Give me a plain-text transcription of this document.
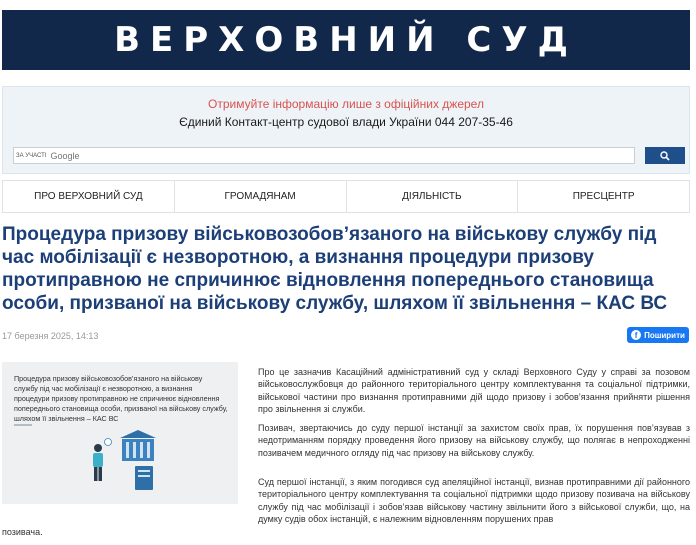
ВЕРХОВНИЙ СУД
Отримуйте інформацію лише з офіційних джерел
Єдиний Контакт-центр судової влади України 044 207-35-46
ЗА УЧАСТІ
Google
ПРО ВЕРХОВНИЙ СУД	ГРОМАДЯНАМ	ДІЯЛЬНІСТЬ	ПРЕСЦЕНТР
Процедура призову військовозобов’язаного на військову службу під час мобілізації є незворотною, а визнання процедури призову протиправною не спричинює відновлення попереднього становища особи, призваної на військову службу, шляхом її звільнення – КАС ВС
17 березня 2025, 14:13	f Поширити
Процедура призову військовозобов’язаного на військову службу під час мобілізації є незворотною, а визнання процедури призову протиправною не спричинює відновлення попереднього становища особи, призваної на військову службу, шляхом її звільнення – КАС ВС

Про це зазначив Касаційний адміністративний суд у складі Верховного Суду у справі за позовом військовослужбовця до районного територіального центру комплектування та соціальної підтримки, військової частини про визнання протиправними дій щодо призову і зобов’язання прийняти рішення про звільнення зі служби.

Позивач, звертаючись до суду першої інстанції за захистом своїх прав, їх порушення пов’язував з недотриманням порядку проведення його призову на військову службу, що полягає в непроходженні позивачем медичного огляду під час призову на військову службу.

Суд першої інстанції, з яким погодився суд апеляційної інстанції, визнав протиправними дії районного територіального центру комплектування та соціальної підтримки щодо призову позивача на військову службу під час мобілізації і зобов’язав військову частину звільнити його з військової служби, що, на думку судів обох інстанцій, є належним відновленням порушених прав

позивача.
